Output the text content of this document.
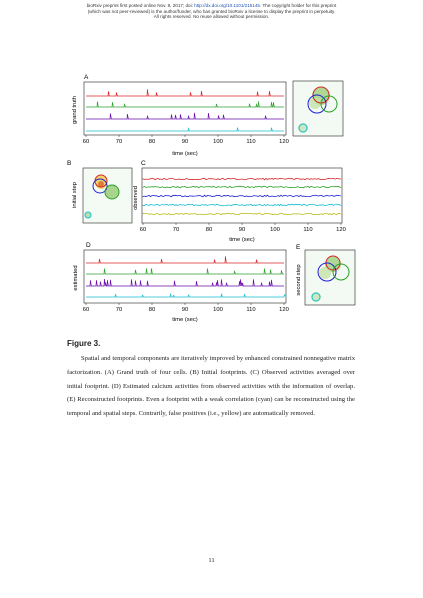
bioRxiv preprint first posted online Nov. 9, 2017; doi: http://dx.doi.org/10.1101/215145. The copyright holder for this preprint
(which was not peer-reviewed) is the author/funder, who has granted bioRxiv a license to display the preprint in perpetuity.
All rights reserved. No reuse allowed without permission.
A
grand truth
60	70	80	90	100	110	120
time (sec)
B
initial step
C
observed
60	70	80	90	100	110	120
time (sec)
D
estimated
60	70	80	90	100	110	120
time (sec)
E
second step
Figure 3.

Spatial and temporal components are iteratively improved by enhanced constrained nonnegative matrix factorization. (A) Grand truth of four cells. (B) Initial footprints. (C) Observed activities averaged over initial footprint. (D) Estimated calcium activities from observed activities with the information of overlap. (E) Reconstructed footprints. Even a footprint with a weak correlation (cyan) can be reconstructed using the temporal and spatial steps. Contrarily, false positives (i.e., yellow) are automatically removed.

11
